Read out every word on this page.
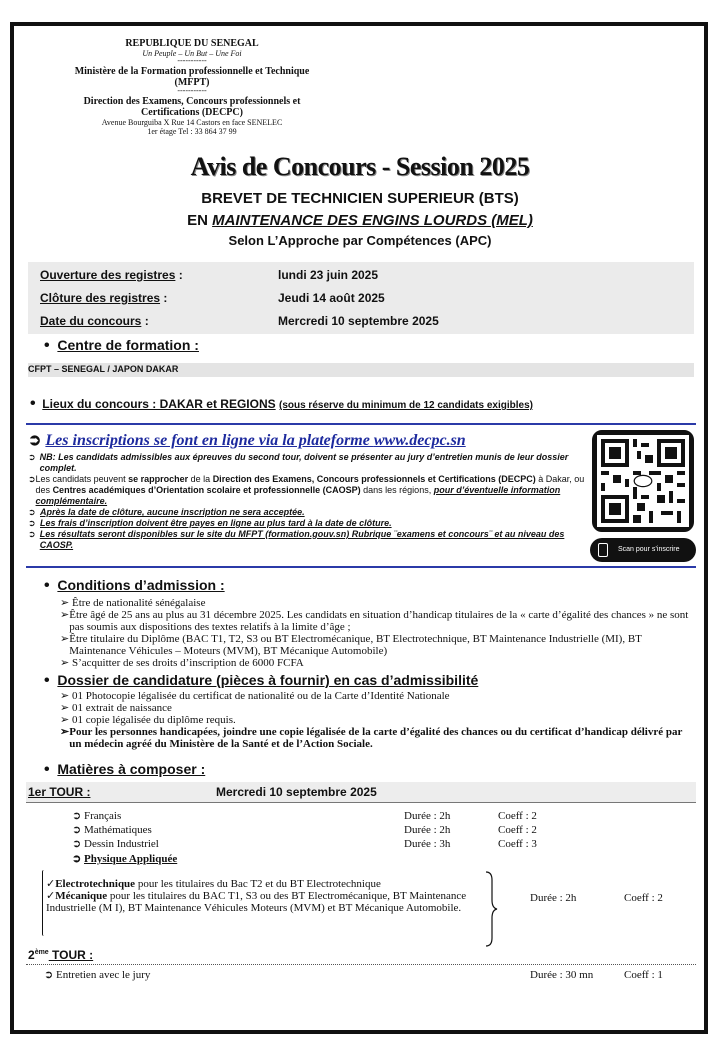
REPUBLIQUE DU SENEGAL
Un Peuple – Un But – Une Foi
-----------
Ministère de la Formation professionnelle et Technique (MFPT)
-----------
Direction des Examens, Concours professionnels et Certifications (DECPC)
Avenue Bourguiba X Rue 14 Castors en face SENELEC
1er étage Tel : 33 864 37 99
Avis de Concours - Session 2025
BREVET DE TECHNICIEN SUPERIEUR (BTS)
EN MAINTENANCE DES ENGINS LOURDS (MEL)
Selon L’Approche par Compétences (APC)
Ouverture des registres :	lundi 23 juin 2025
Clôture des registres :	Jeudi 14 août 2025
Date du concours :	Mercredi 10 septembre 2025
• Centre de formation :
CFPT – SENEGAL / JAPON DAKAR
• Lieux du concours : DAKAR et REGIONS (sous réserve du minimum de 12 candidats exigibles)
➲ Les inscriptions se font en ligne via la plateforme www.decpc.sn
➲ NB: Les candidats admissibles aux épreuves du second tour, doivent se présenter au jury d’entretien munis de leur dossier complet.
➲ Les candidats peuvent se rapprocher de la Direction des Examens, Concours professionnels et Certifications (DECPC) à Dakar, ou des Centres académiques d’Orientation scolaire et professionnelle (CAOSP) dans les régions, pour d’éventuelle information complémentaire.
➲ Après la date de clôture, aucune inscription ne sera acceptée.
➲ Les frais d’inscription doivent être payes en ligne au plus tard à la date de clôture.
➲ Les résultats seront disponibles sur le site du MFPT (formation.gouv.sn) Rubrique ¨examens et concours¨ et au niveau des CAOSP.	Scan pour s’inscrire
• Conditions d’admission :
➢ Être de nationalité sénégalaise
➢ Être âgé de 25 ans au plus au 31 décembre 2025. Les candidats en situation d’handicap titulaires de la « carte d’égalité des chances » ne sont pas soumis aux dispositions des textes relatifs à la limite d’âge ;
➢ Être titulaire du Diplôme (BAC T1, T2, S3 ou BT Electromécanique, BT Electrotechnique, BT Maintenance Industrielle (MI), BT Maintenance Véhicules – Moteurs (MVM), BT Mécanique Automobile)
➢ S’acquitter de ses droits d’inscription de 6000 FCFA
• Dossier de candidature (pièces à fournir) en cas d’admissibilité
➢ 01 Photocopie légalisée du certificat de nationalité ou de la Carte d’Identité Nationale
➢ 01 extrait de naissance
➢ 01 copie légalisée du diplôme requis.
➢ Pour les personnes handicapées, joindre une copie légalisée de la carte d’égalité des chances ou du certificat d’handicap délivré par un médecin agréé du Ministère de la Santé et de l’Action Sociale.
• Matières à composer :
1er TOUR :	Mercredi 10 septembre 2025
➲ Français	Durée : 2h	Coeff : 2
➲ Mathématiques	Durée : 2h	Coeff : 2
➲ Dessin Industriel	Durée : 3h	Coeff : 3
➲ Physique Appliquée
✓Electrotechnique pour les titulaires du Bac T2 et du BT Electrotechnique
✓Mécanique pour les titulaires du BAC T1, S3 ou des BT Electromécanique, BT Maintenance Industrielle (M I), BT Maintenance Véhicules Moteurs (MVM) et BT Mécanique Automobile.
Durée : 2h	Coeff : 2
2ème TOUR :
➲ Entretien avec le jury	Durée : 30 mn	Coeff : 1
